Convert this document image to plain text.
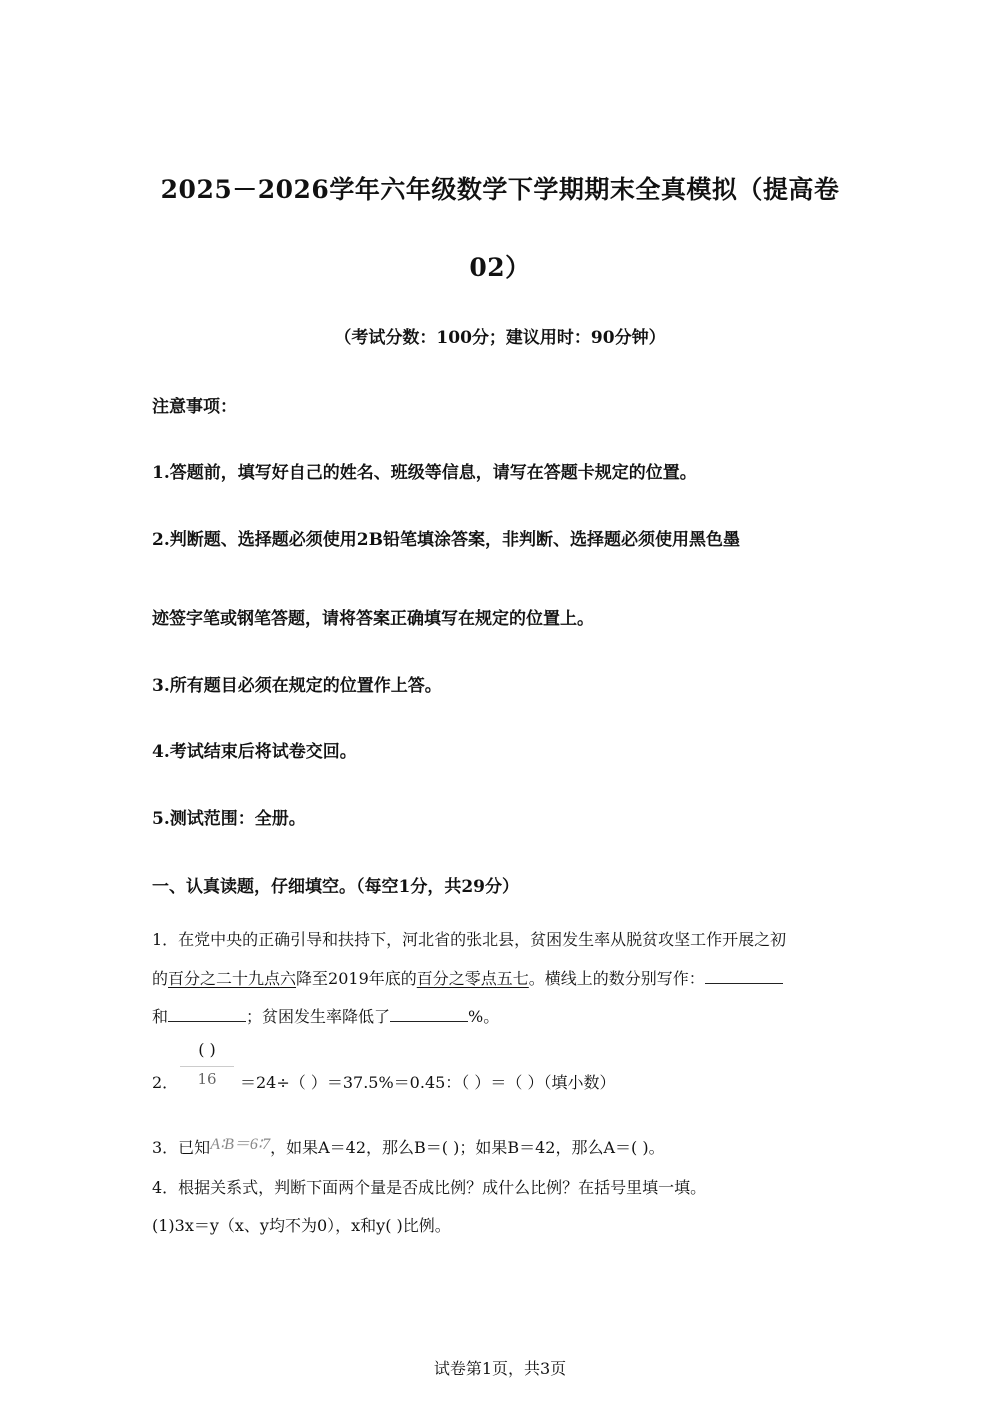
2025－2026学年六年级数学下学期期末全真模拟（提高卷
02）
（考试分数：100分；建议用时：90分钟）
注意事项：
1.答题前，填写好自己的姓名、班级等信息，请写在答题卡规定的位置。
2.判断题、选择题必须使用2B铅笔填涂答案，非判断、选择题必须使用黑色墨
迹签字笔或钢笔答题，请将答案正确填写在规定的位置上。
3.所有题目必须在规定的位置作上答。
4.考试结束后将试卷交回。
5.测试范围：全册。
一、认真读题，仔细填空。（每空1分，共29分）
1．在党中央的正确引导和扶持下，河北省的张北县，贫困发生率从脱贫攻坚工作开展之初
的百分之二十九点六降至2019年底的百分之零点五七。横线上的数分别写作：
和	；贫困发生率降低了	%。
2．
( )
16	＝24÷（ ）＝37.5%＝0.45：（ ）＝（ ）（填小数）
3．已知A∶B＝6∶7，如果A＝42，那么B＝( )；如果B＝42，那么A＝( )。
4．根据关系式，判断下面两个量是否成比例？成什么比例？在括号里填一填。
(1)3x＝y（x、y均不为0），x和y( )比例。
试卷第1页，共3页
